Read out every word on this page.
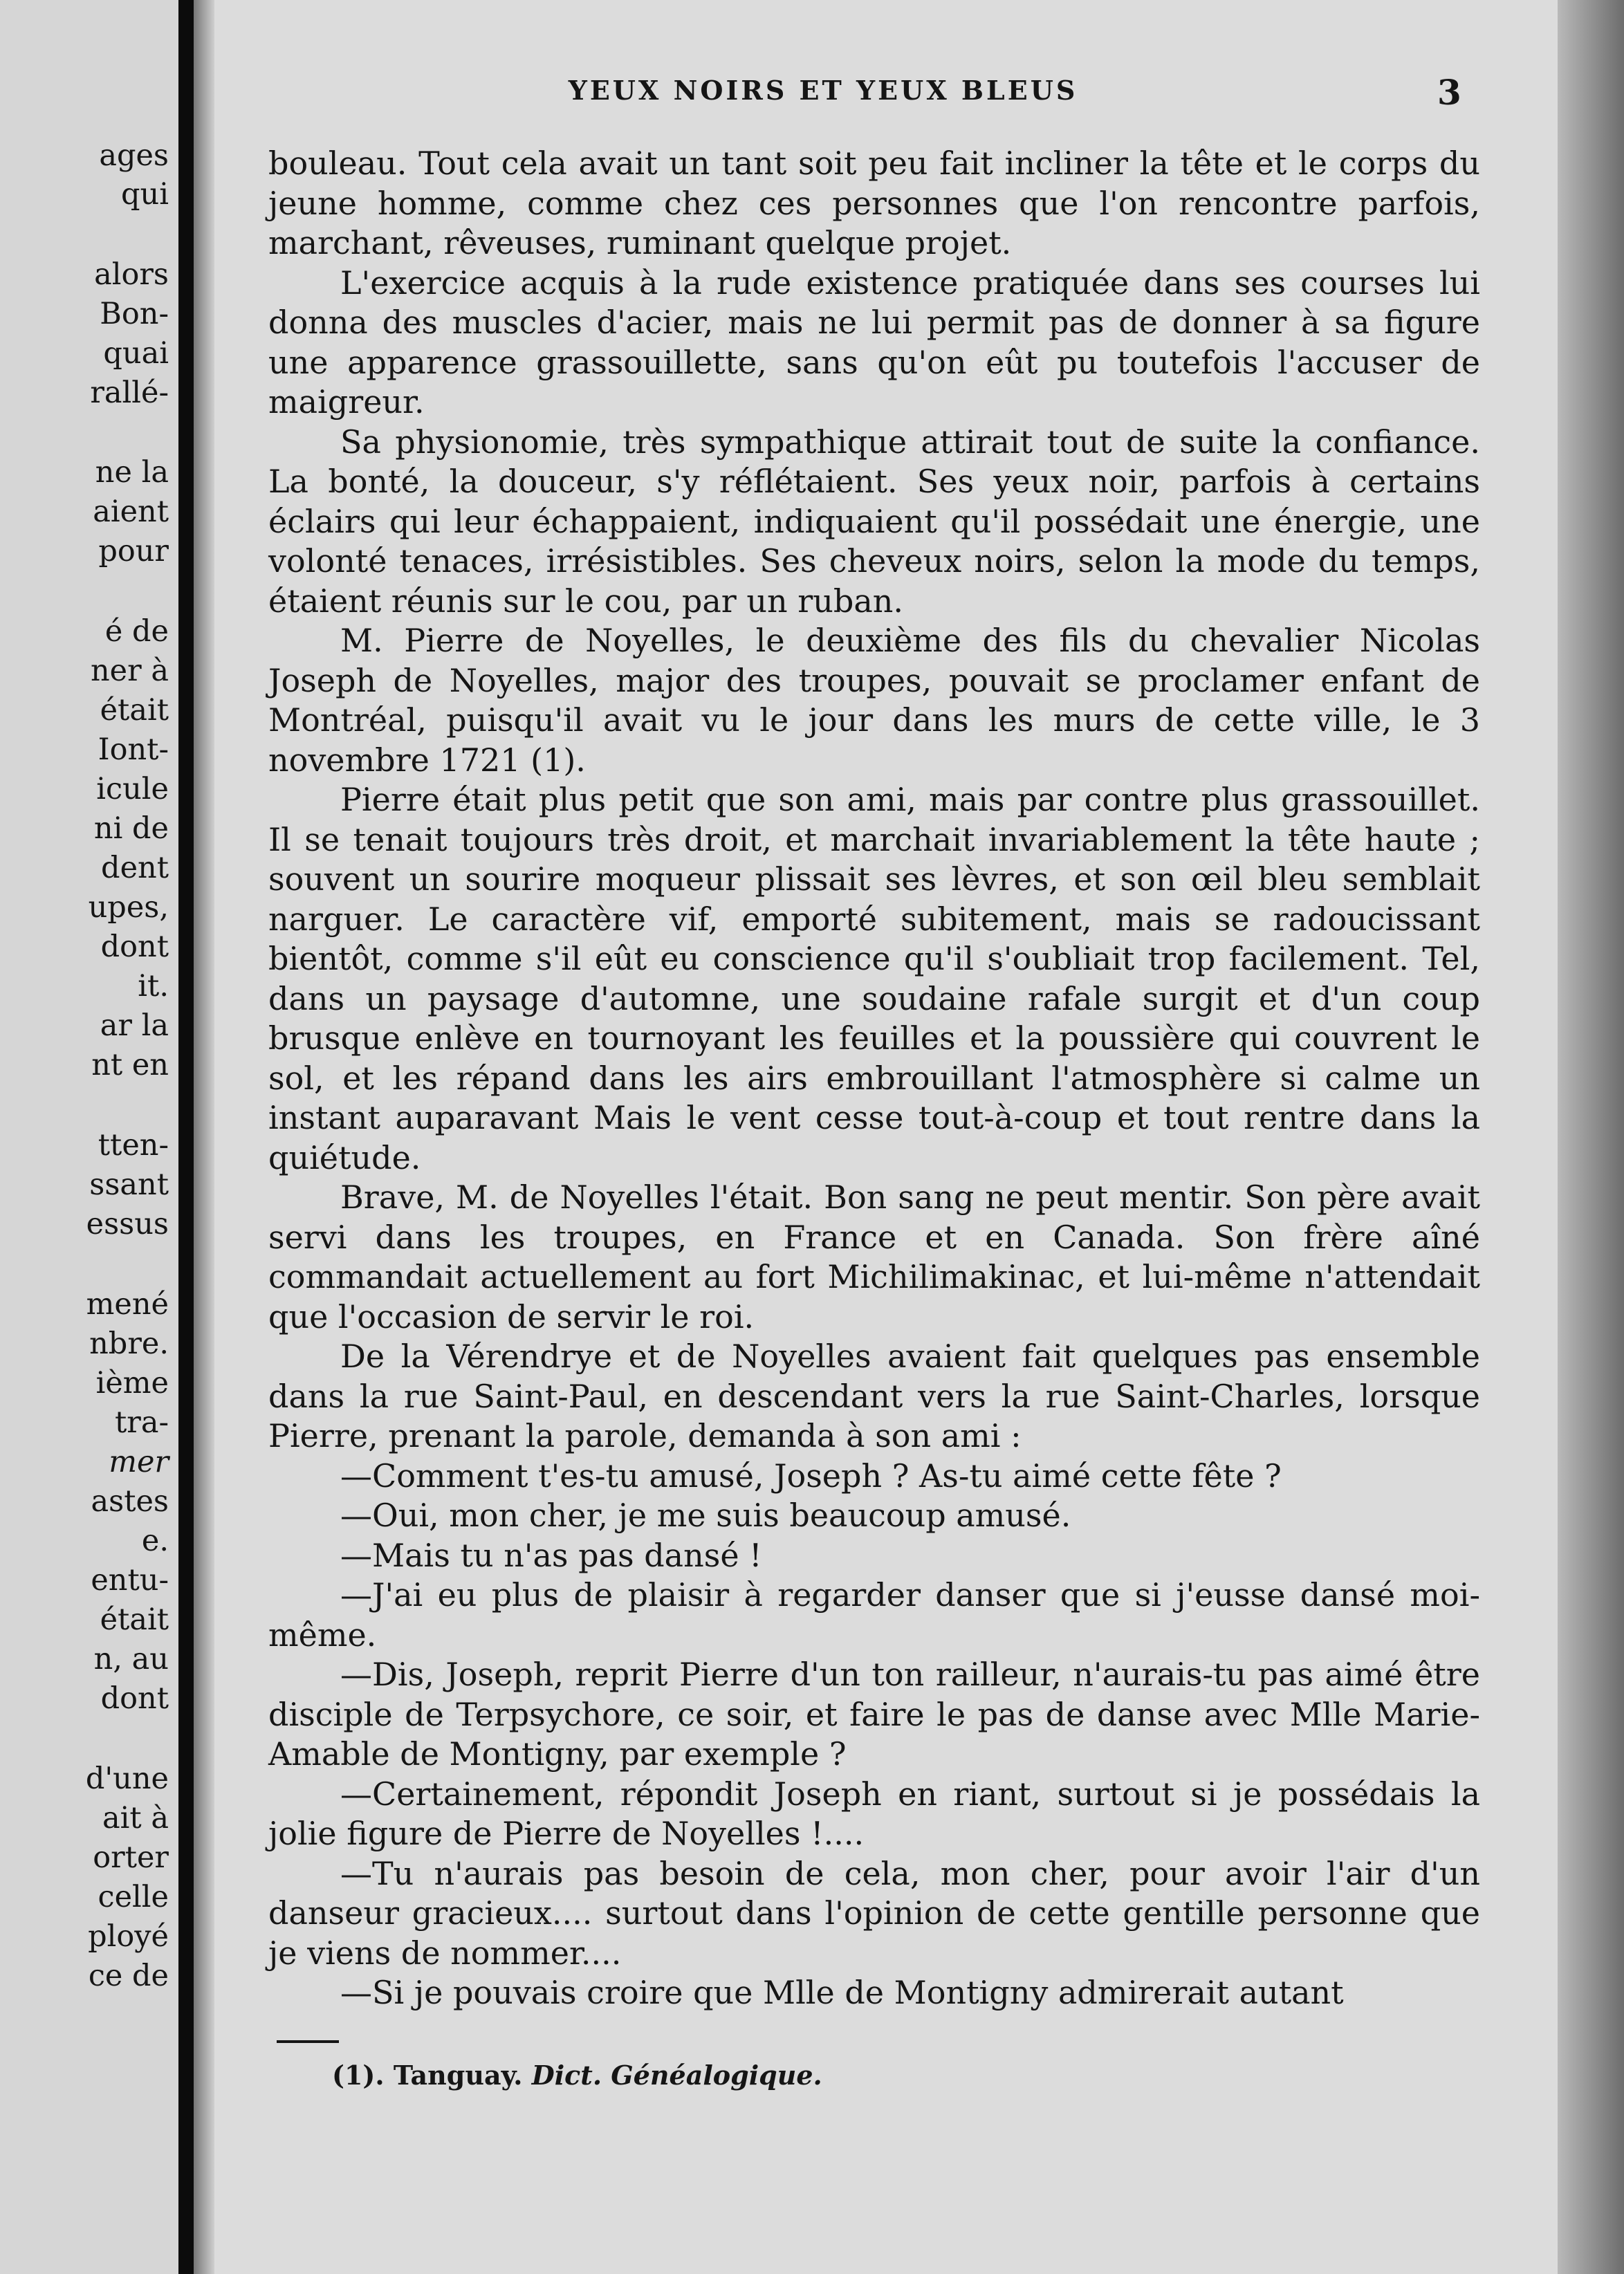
ages
qui
alors
Bon-
quai
rallé-
ne la
aient
pour
é de
ner à
était
Iont-
icule
ni de
dent
upes,
dont
it.
ar la
nt en
tten-
ssant
essus
mené
nbre.
ième
tra-
mer
astes
e.
entu-
était
n, au
dont
d'une
ait à
orter
celle
ployé
ce de
YEUX NOIRS ET YEUX BLEUS	3

bouleau. Tout cela avait un tant soit peu fait incliner la tête et le corps du jeune homme, comme chez ces personnes que l'on rencontre parfois, marchant, rêveuses, ruminant quelque projet.

L'exercice acquis à la rude existence pratiquée dans ses courses lui donna des muscles d'acier, mais ne lui permit pas de donner à sa figure une apparence grassouillette, sans qu'on eût pu toutefois l'accuser de maigreur.

Sa physionomie, très sympathique attirait tout de suite la confiance. La bonté, la douceur, s'y réflétaient. Ses yeux noir, parfois à certains éclairs qui leur échappaient, indiquaient qu'il possédait une énergie, une volonté tenaces, irrésistibles. Ses cheveux noirs, selon la mode du temps, étaient réunis sur le cou, par un ruban.

M. Pierre de Noyelles, le deuxième des fils du chevalier Nicolas Joseph de Noyelles, major des troupes, pouvait se proclamer enfant de Montréal, puisqu'il avait vu le jour dans les murs de cette ville, le 3 novembre 1721 (1).

Pierre était plus petit que son ami, mais par contre plus grassouillet. Il se tenait toujours très droit, et marchait invariablement la tête haute ; souvent un sourire moqueur plissait ses lèvres, et son œil bleu semblait narguer. Le caractère vif, emporté subitement, mais se radoucissant bientôt, comme s'il eût eu conscience qu'il s'oubliait trop facilement. Tel, dans un paysage d'automne, une soudaine rafale surgit et d'un coup brusque enlève en tournoyant les feuilles et la poussière qui couvrent le sol, et les répand dans les airs embrouillant l'atmosphère si calme un instant auparavant Mais le vent cesse tout-à-coup et tout rentre dans la quiétude.

Brave, M. de Noyelles l'était. Bon sang ne peut mentir. Son père avait servi dans les troupes, en France et en Canada. Son frère aîné commandait actuellement au fort Michilimakinac, et lui-même n'attendait que l'occasion de servir le roi.

De la Vérendrye et de Noyelles avaient fait quelques pas ensemble dans la rue Saint-Paul, en descendant vers la rue Saint-Charles, lorsque Pierre, prenant la parole, demanda à son ami :

—Comment t'es-tu amusé, Joseph ? As-tu aimé cette fête ?

—Oui, mon cher, je me suis beaucoup amusé.

—Mais tu n'as pas dansé !

—J'ai eu plus de plaisir à regarder danser que si j'eusse dansé moi-même.

—Dis, Joseph, reprit Pierre d'un ton railleur, n'aurais-tu pas aimé être disciple de Terpsychore, ce soir, et faire le pas de danse avec Mlle Marie-Amable de Montigny, par exemple ?

—Certainement, répondit Joseph en riant, surtout si je possédais la jolie figure de Pierre de Noyelles !....

—Tu n'aurais pas besoin de cela, mon cher, pour avoir l'air d'un danseur gracieux.... surtout dans l'opinion de cette gentille personne que je viens de nommer....

—Si je pouvais croire que Mlle de Montigny admirerait autant

(1). Tanguay. Dict. Généalogique.
